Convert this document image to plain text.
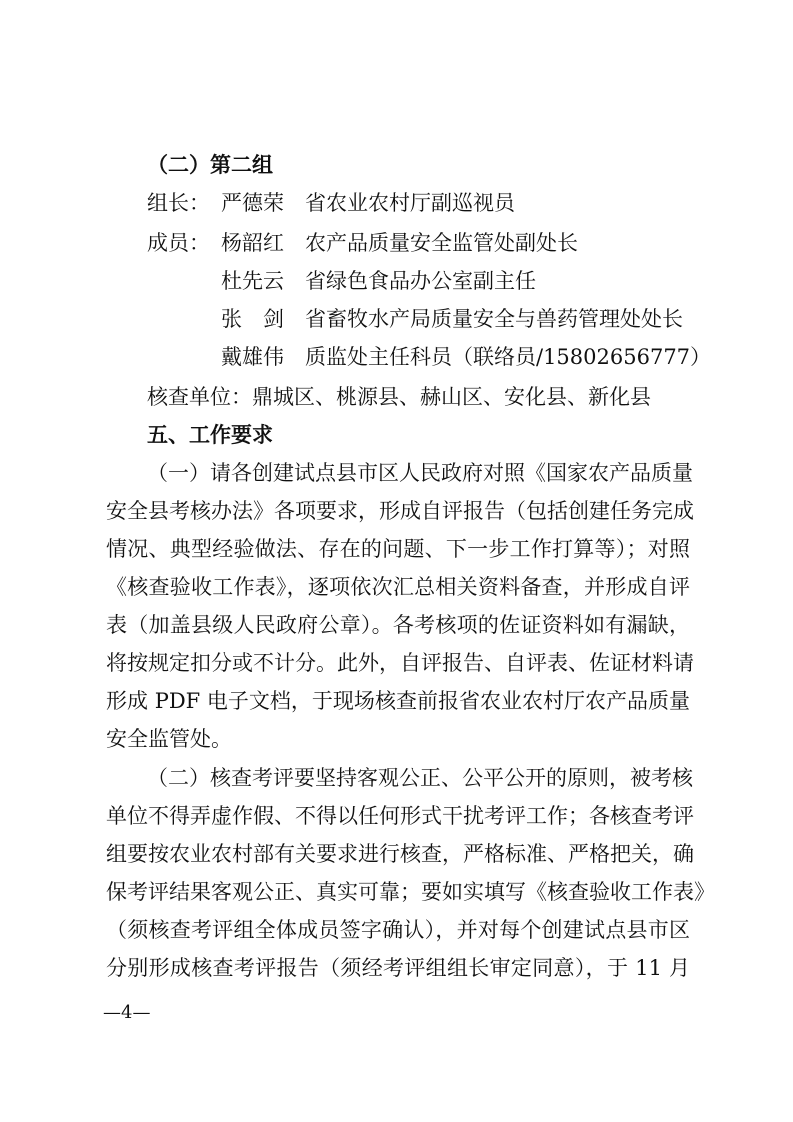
（二）第二组
组长： 严德荣 省农业农村厅副巡视员
成员： 杨韶红 农产品质量安全监管处副处长
杜先云 省绿色食品办公室副主任
张　剑 省畜牧水产局质量安全与兽药管理处处长
戴雄伟 质监处主任科员（联络员/15802656777）
核查单位：鼎城区、桃源县、赫山区、安化县、新化县
五、工作要求
（一）请各创建试点县市区人民政府对照《国家农产品质量
安全县考核办法》各项要求，形成自评报告（包括创建任务完成
情况、典型经验做法、存在的问题、下一步工作打算等）；对照
《核查验收工作表》，逐项依次汇总相关资料备查，并形成自评
表（加盖县级人民政府公章）。各考核项的佐证资料如有漏缺，
将按规定扣分或不计分。此外，自评报告、自评表、佐证材料请
形成 PDF 电子文档，于现场核查前报省农业农村厅农产品质量
安全监管处。
（二）核查考评要坚持客观公正、公平公开的原则，被考核
单位不得弄虚作假、不得以任何形式干扰考评工作；各核查考评
组要按农业农村部有关要求进行核查，严格标准、严格把关，确
保考评结果客观公正、真实可靠；要如实填写《核查验收工作表》
（须核查考评组全体成员签字确认），并对每个创建试点县市区
分别形成核查考评报告（须经考评组组长审定同意），于 11 月
—4—
